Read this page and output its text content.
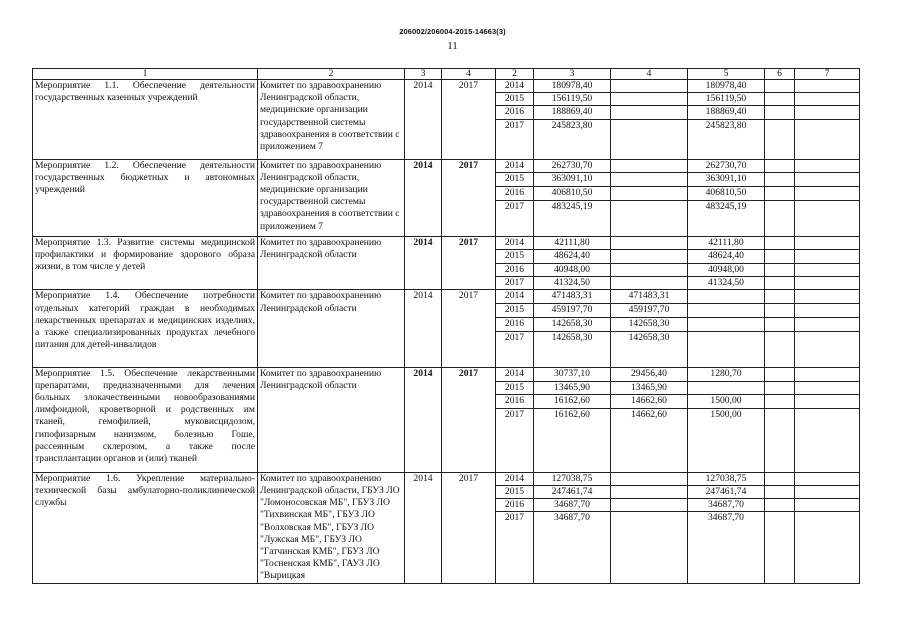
206002/206004-2015-14663(3)
11
1	2	3	4	2	3	4	5	6	7
Мероприятие 1.1. Обеспечение деятельности государственных казенных учреждений	Комитет по здравоохранению Ленинградской области, медицинские организации государственной системы здравоохранения в соответствии с приложением 7	2014	2017	2014	180978,40		180978,40		
				2015	156119,50		156119,50		
				2016	188869,40		188869,40		
				2017	245823,80		245823,80		
Мероприятие 1.2. Обеспечение деятельности государственных бюджетных и автономных учреждений	Комитет по здравоохранению Ленинградской области, медицинские организации государственной системы здравоохранения в соответствии с приложением 7	2014	2017	2014	262730,70		262730,70		
				2015	363091,10		363091,10		
				2016	406810,50		406810,50		
				2017	483245,19		483245,19		
Мероприятие 1.3. Развитие системы медицинской профилактики и формирование здорового образа жизни, в том числе у детей	Комитет по здравоохранению Ленинградской области	2014	2017	2014	42111,80		42111,80		
				2015	48624,40		48624,40		
				2016	40948,00		40948,00		
				2017	41324,50		41324,50		
Мероприятие 1.4. Обеспечение потребности отдельных категорий граждан в необходимых лекарственных препаратах и медицинских изделиях, а также специализированных продуктах лечебного питания для детей-инвалидов	Комитет по здравоохранению Ленинградской области	2014	2017	2014	471483,31	471483,31			
				2015	459197,70	459197,70			
				2016	142658,30	142658,30			
				2017	142658,30	142658,30			
Мероприятие 1.5. Обеспечение лекарственными препаратами, предназначенными для лечения больных злокачественными новообразованиями лимфоидной, кроветворной и родственных им тканей, гемофилией, муковисцидозом, гипофизарным нанизмом, болезнью Гоше, рассеянным склерозом, а также после трансплантации органов и (или) тканей	Комитет по здравоохранению Ленинградской области	2014	2017	2014	30737,10	29456,40	1280,70		
				2015	13465,90	13465,90			
				2016	16162,60	14662,60	1500,00		
				2017	16162,60	14662,60	1500,00		
Мероприятие 1.6. Укрепление материально-технической базы амбулаторно-поликлинической службы	Комитет по здравоохранению Ленинградской области, ГБУЗ ЛО "Ломоносовская МБ", ГБУЗ ЛО "Тихвинская МБ", ГБУЗ ЛО "Волховская МБ", ГБУЗ ЛО "Лужская МБ", ГБУЗ ЛО "Гатчинская КМБ", ГБУЗ ЛО "Тосненская КМБ", ГАУЗ ЛО "Вырицкая	2014	2017	2014	127038,75		127038,75		
				2015	247461,74		247461,74		
				2016	34687,70		34687,70		
				2017	34687,70		34687,70		
